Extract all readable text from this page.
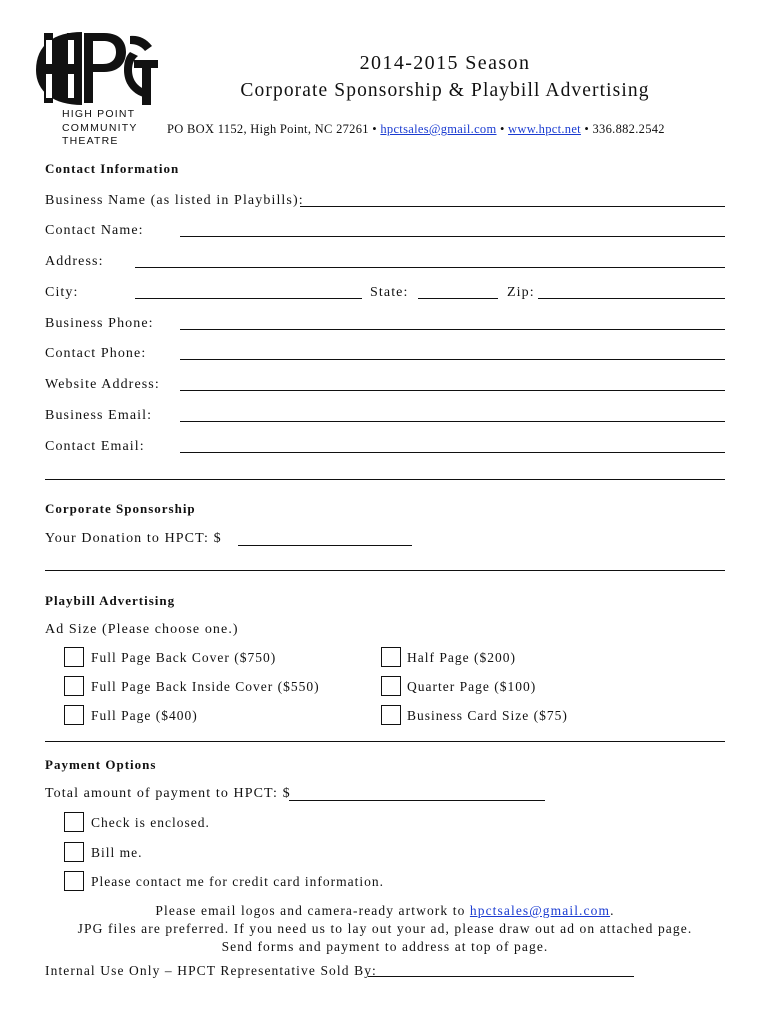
HIGH POINT
COMMUNITY
THEATRE
2014-2015 Season
Corporate Sponsorship & Playbill Advertising
PO BOX 1152, High Point, NC 27261 • hpctsales@gmail.com • www.hpct.net • 336.882.2542
Contact Information
Business Name (as listed in Playbills):
Contact Name:
Address:
City:	State:	Zip:
Business Phone:
Contact Phone:
Website Address:
Business Email:
Contact Email:
Corporate Sponsorship
Your Donation to HPCT: $
Playbill Advertising
Ad Size (Please choose one.)
Full Page Back Cover ($750)	Half Page ($200)
Full Page Back Inside Cover ($550)	Quarter Page ($100)
Full Page ($400)	Business Card Size ($75)
Payment Options
Total amount of payment to HPCT: $
Check is enclosed.
Bill me.
Please contact me for credit card information.
Please email logos and camera-ready artwork to hpctsales@gmail.com.
JPG files are preferred. If you need us to lay out your ad, please draw out ad on attached page.
Send forms and payment to address at top of page.
Internal Use Only – HPCT Representative Sold By:
